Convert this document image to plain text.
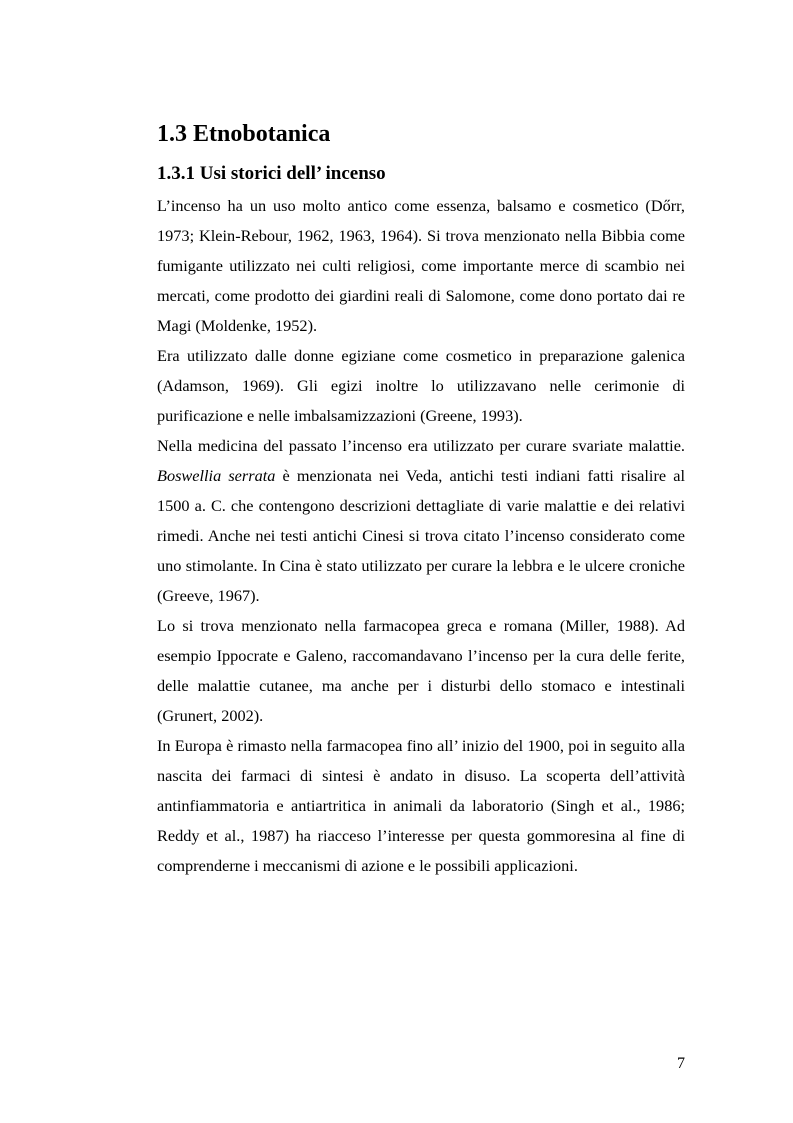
1.3 Etnobotanica
1.3.1 Usi storici dell’ incenso

L’incenso ha un uso molto antico come essenza, balsamo e cosmetico (Dőrr, 1973; Klein-Rebour, 1962, 1963, 1964). Si trova menzionato nella Bibbia come fumigante utilizzato nei culti religiosi, come importante merce di scambio nei mercati, come prodotto dei giardini reali di Salomone, come dono portato dai re Magi (Moldenke, 1952).

Era utilizzato dalle donne egiziane come cosmetico in preparazione galenica (Adamson, 1969). Gli egizi inoltre lo utilizzavano nelle cerimonie di purificazione e nelle imbalsamizzazioni (Greene, 1993).

Nella medicina del passato l’incenso era utilizzato per curare svariate malattie. Boswellia serrata è menzionata nei Veda, antichi testi indiani fatti risalire al 1500 a. C. che contengono descrizioni dettagliate di varie malattie e dei relativi rimedi. Anche nei testi antichi Cinesi si trova citato l’incenso considerato come uno stimolante. In Cina è stato utilizzato per curare la lebbra e le ulcere croniche (Greeve, 1967).

Lo si trova menzionato nella farmacopea greca e romana (Miller, 1988). Ad esempio Ippocrate e Galeno, raccomandavano l’incenso per la cura delle ferite, delle malattie cutanee, ma anche per i disturbi dello stomaco e intestinali (Grunert, 2002).

In Europa è rimasto nella farmacopea fino all’ inizio del 1900, poi in seguito alla nascita dei farmaci di sintesi è andato in disuso. La scoperta dell’attività antinfiammatoria e antiartritica in animali da laboratorio (Singh et al., 1986; Reddy et al., 1987) ha riacceso l’interesse per questa gommoresina al fine di comprenderne i meccanismi di azione e le possibili applicazioni.

7
